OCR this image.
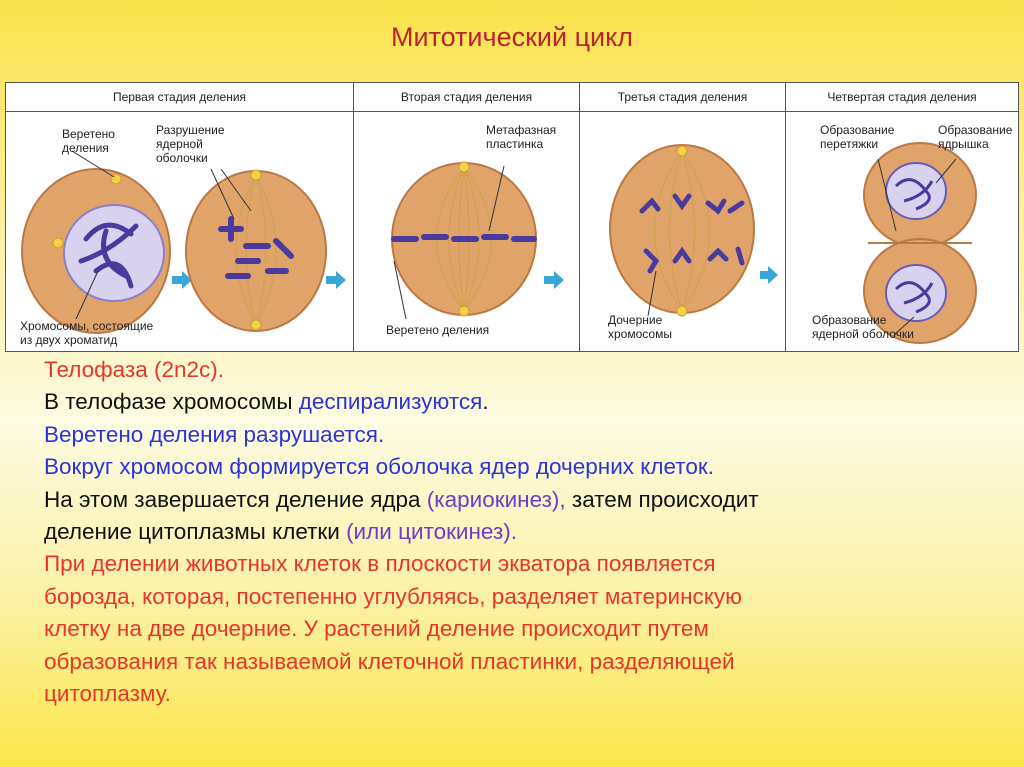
Митотический цикл
Первая стадия деления
Веретено
деления
Разрушение
ядерной
оболочки
Хромосомы, состоящие
из двух хроматид
Вторая стадия деления
Метафазная
пластинка
Веретено деления
Третья стадия деления
Дочерние
хромосомы
Четвертая стадия деления
Образование
перетяжки
Образование
ядрышка
Образование
ядерной оболочки
Телофаза (2n2c).
В телофазе хромосомы деспирализуются.
Веретено деления разрушается.
Вокруг хромосом формируется оболочка ядер дочерних клеток.
На этом завершается деление ядра (кариокинез), затем происходит
деление цитоплазмы клетки (или цитокинез).
При делении животных клеток в плоскости экватора появляется
борозда, которая, постепенно углубляясь, разделяет материнскую
клетку на две дочерние. У растений деление происходит путем
образования так называемой клеточной пластинки, разделяющей
цитоплазму.
